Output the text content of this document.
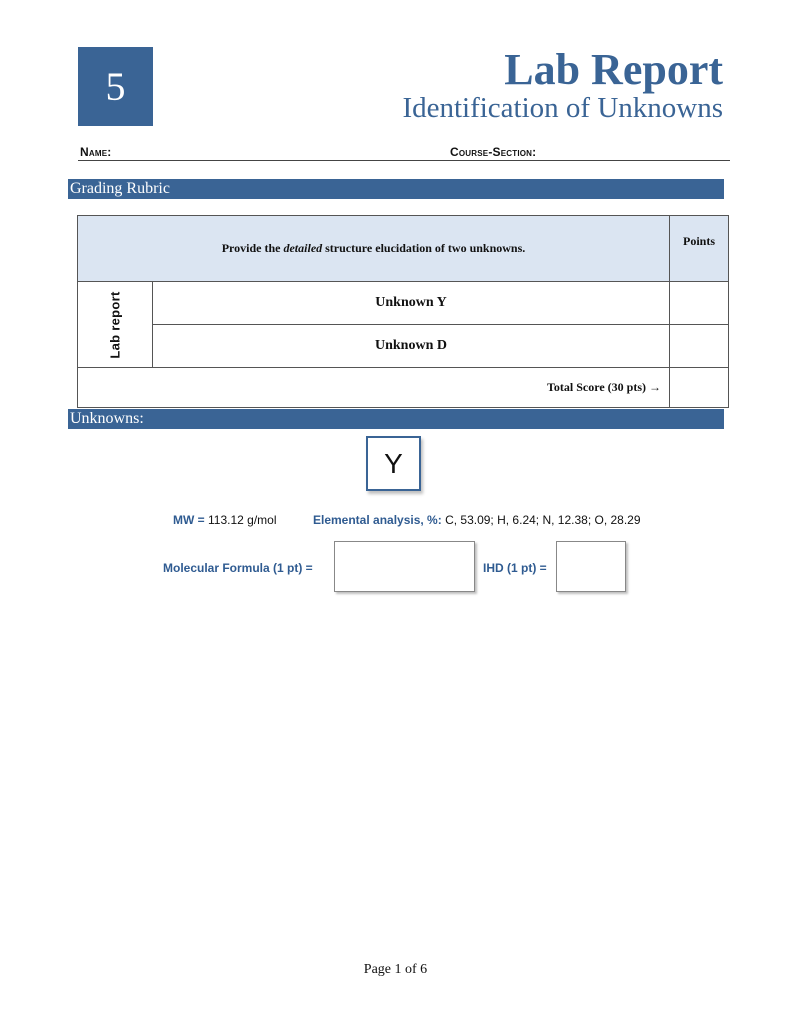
5	Lab Report
Identification of Unknowns
Name:	Course-Section:
Grading Rubric
Provide the detailed structure elucidation of two unknowns.		Points

Lab report	Unknown Y	
	Unknown D	
Total Score (30 pts) →		
Unknowns:
Y
MW = 113.12 g/mol	Elemental analysis, %: C, 53.09; H, 6.24; N, 12.38; O, 28.29
Molecular Formula (1 pt) =	IHD (1 pt) =
Page 1 of 6
